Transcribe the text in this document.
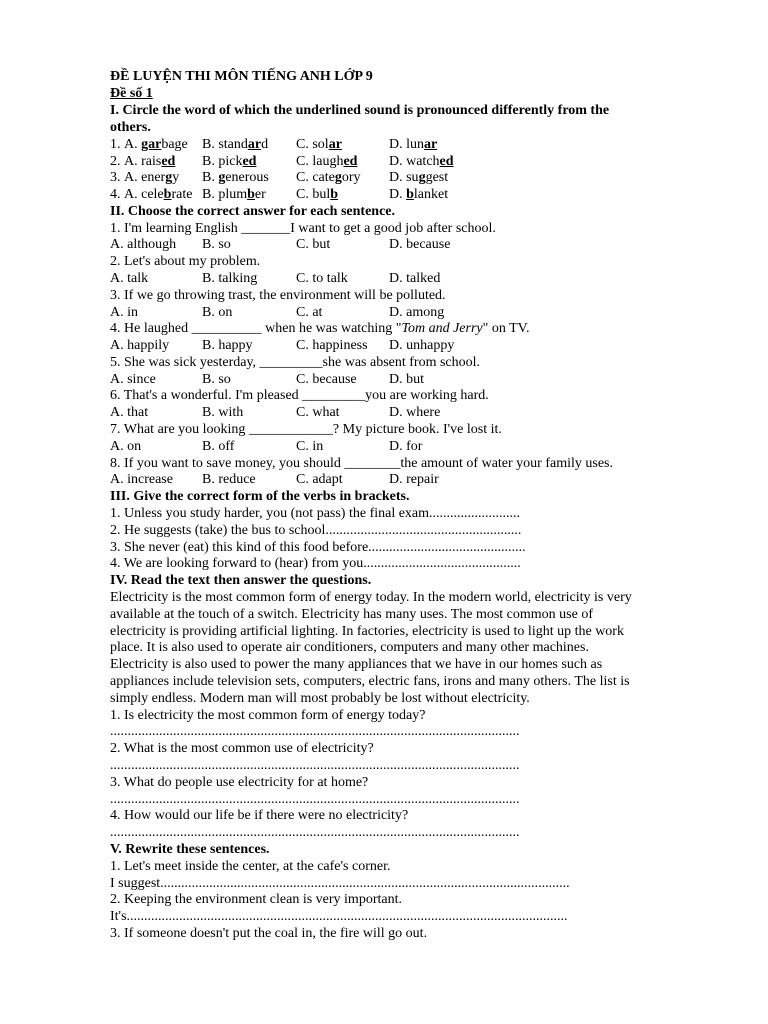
ĐỀ LUYỆN THI MÔN TIẾNG ANH LỚP 9
Đề số 1
I. Circle the word of which the underlined sound is pronounced differently from the
others.
1. A. garbage B. standard C. solar	D. lunar
2. A. raised B. picked	C. laughed D. watched
3. A. energy B. generous C. category D. suggest
4. A. celebrate B. plumber C. bulb	D. blanket
II. Choose the correct answer for each sentence.
1. I'm learning English _______I want to get a good job after school.
A. although B. so	C. but	D. because
2. Let's about my problem.
A. talk	B. talking	C. to talk	D. talked
3. If we go throwing trast, the environment will be polluted.
A. in	B. on	C. at	D. among
4. He laughed __________ when he was watching "Tom and Jerry" on TV.
A. happily B. happy	C. happiness D. unhappy
5. She was sick yesterday, _________she was absent from school.
A. since	B. so	C. because D. but
6. That's a wonderful. I'm pleased _________you are working hard.
A. that	B. with	C. what	D. where
7. What are you looking ____________? My picture book. I've lost it.
A. on	B. off	C. in	D. for
8. If you want to save money, you should ________the amount of water your family uses.
A. increase B. reduce	C. adapt	D. repair
III. Give the correct form of the verbs in brackets.
1. Unless you study harder, you (not pass) the final exam..........................
2. He suggests (take) the bus to school........................................................
3. She never (eat) this kind of this food before.............................................
4. We are looking forward to (hear) from you.............................................
IV. Read the text then answer the questions.
Electricity is the most common form of energy today. In the modern world, electricity is very
available at the touch of a switch. Electricity has many uses. The most common use of
electricity is providing artificial lighting. In factories, electricity is used to light up the work
place. It is also used to operate air conditioners, computers and many other machines.
Electricity is also used to power the many appliances that we have in our homes such as
appliances include television sets, computers, electric fans, irons and many others. The list is
simply endless. Modern man will most probably be lost without electricity.
1. Is electricity the most common form of energy today?
.....................................................................................................................
2. What is the most common use of electricity?
.....................................................................................................................
3. What do people use electricity for at home?
.....................................................................................................................
4. How would our life be if there were no electricity?
.....................................................................................................................
V. Rewrite these sentences.
1. Let's meet inside the center, at the cafe's corner.
I suggest.....................................................................................................................
2. Keeping the environment clean is very important.
It's..............................................................................................................................
3. If someone doesn't put the coal in, the fire will go out.
